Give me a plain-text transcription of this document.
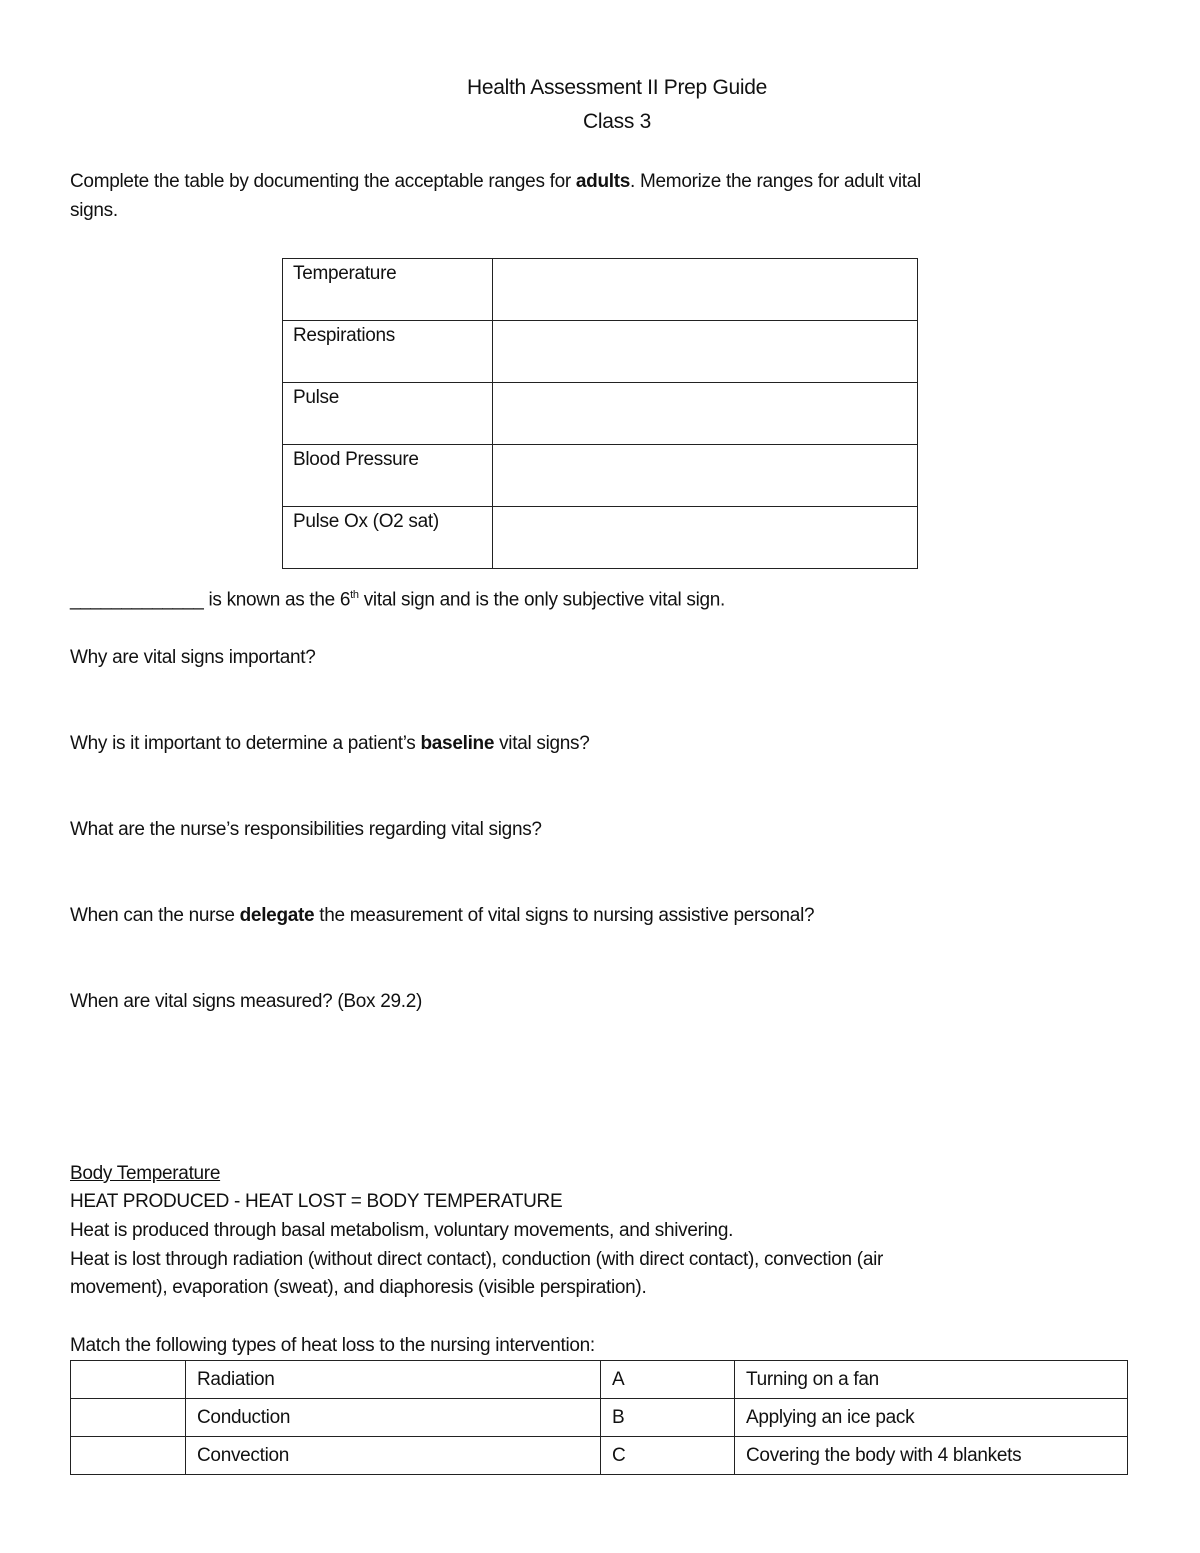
Health Assessment II Prep Guide
Class 3
Complete the table by documenting the acceptable ranges for adults. Memorize the ranges for adult vital
signs.
Temperature	
Respirations	
Pulse	
Blood Pressure	
Pulse Ox (O2 sat)	
_____________ is known as the 6th vital sign and is the only subjective vital sign.
Why are vital signs important?
Why is it important to determine a patient’s baseline vital signs?
What are the nurse’s responsibilities regarding vital signs?
When can the nurse delegate the measurement of vital signs to nursing assistive personal?
When are vital signs measured? (Box 29.2)
Body Temperature
HEAT PRODUCED - HEAT LOST = BODY TEMPERATURE
Heat is produced through basal metabolism, voluntary movements, and shivering.
Heat is lost through radiation (without direct contact), conduction (with direct contact), convection (air
movement), evaporation (sweat), and diaphoresis (visible perspiration).
Match the following types of heat loss to the nursing intervention:
	Radiation	A	Turning on a fan
	Conduction	B	Applying an ice pack
	Convection	C	Covering the body with 4 blankets
